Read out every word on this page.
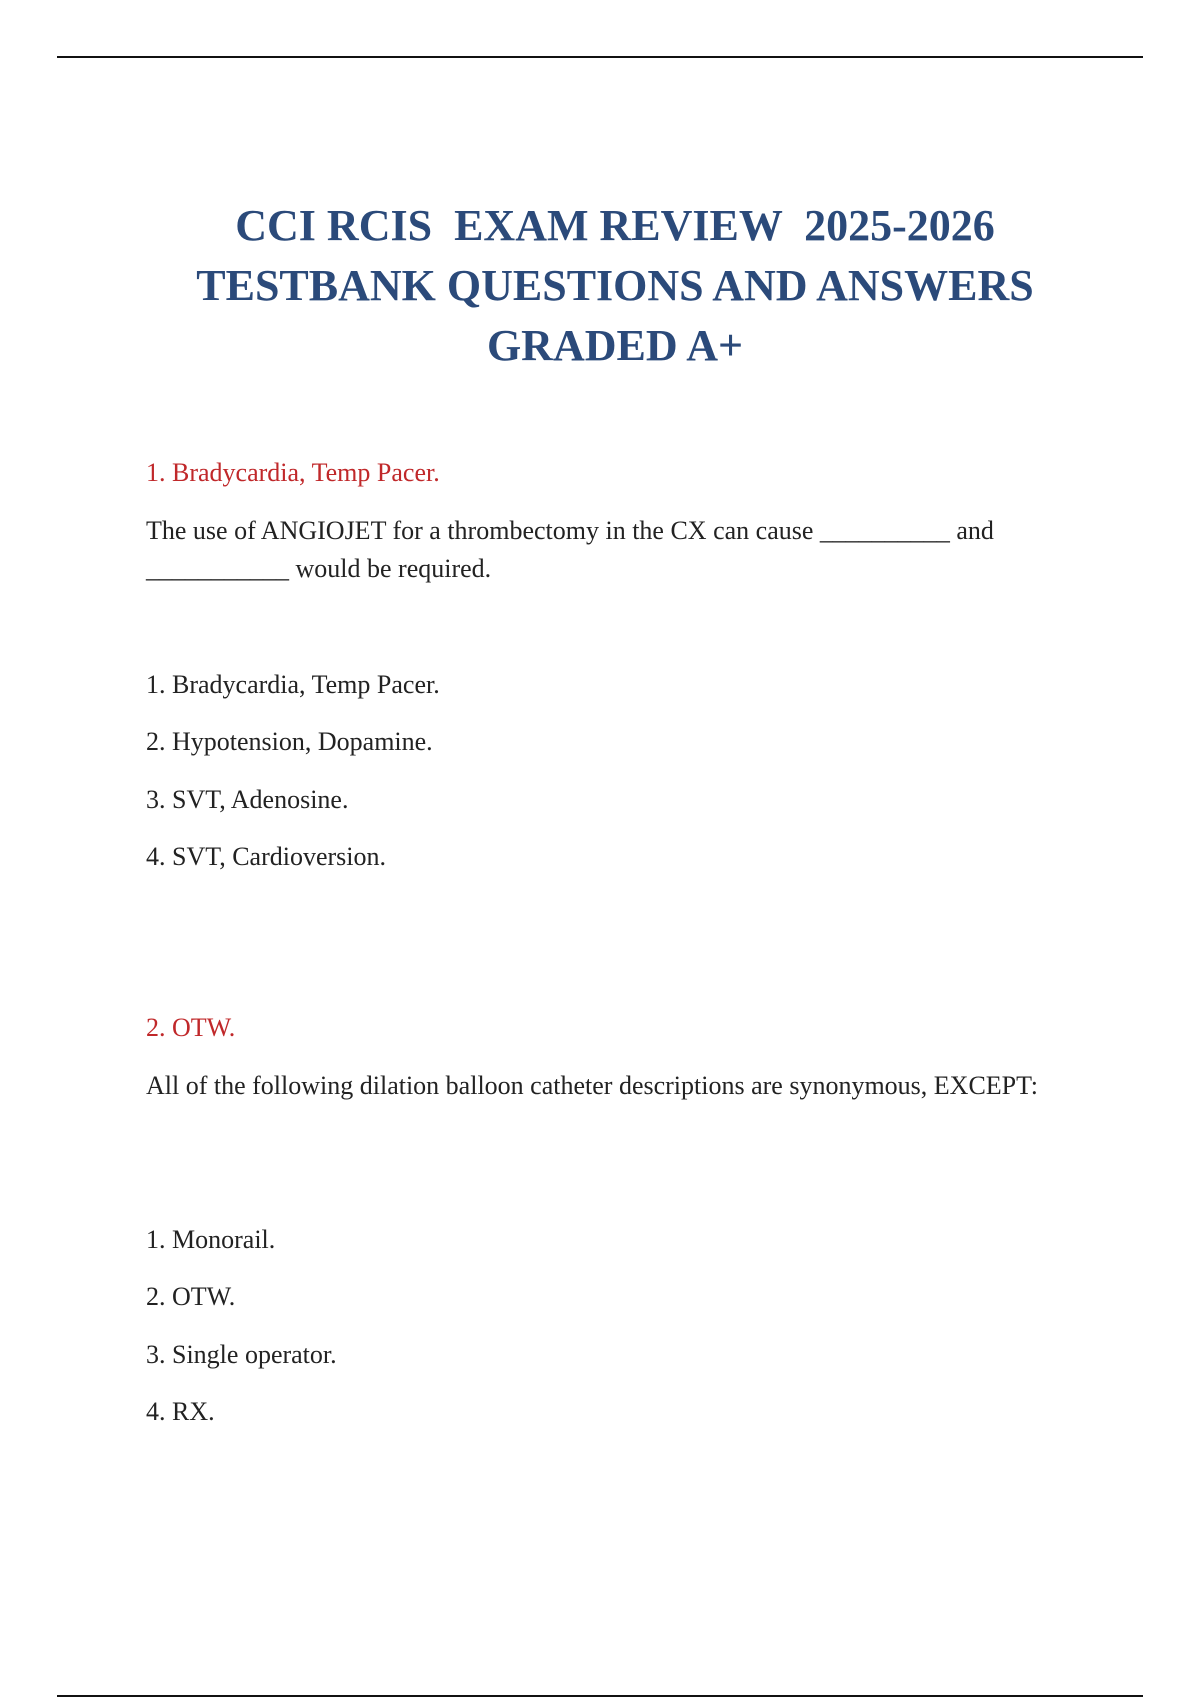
CCI RCIS  EXAM REVIEW  2025-2026
TESTBANK QUESTIONS AND ANSWERS
GRADED A+
1. Bradycardia, Temp Pacer.
The use of ANGIOJET for a thrombectomy in the CX can cause __________ and ___________ would be required.
1. Bradycardia, Temp Pacer.
2. Hypotension, Dopamine.
3. SVT, Adenosine.
4. SVT, Cardioversion.
2. OTW.
All of the following dilation balloon catheter descriptions are synonymous, EXCEPT:
1. Monorail.
2. OTW.
3. Single operator.
4. RX.
